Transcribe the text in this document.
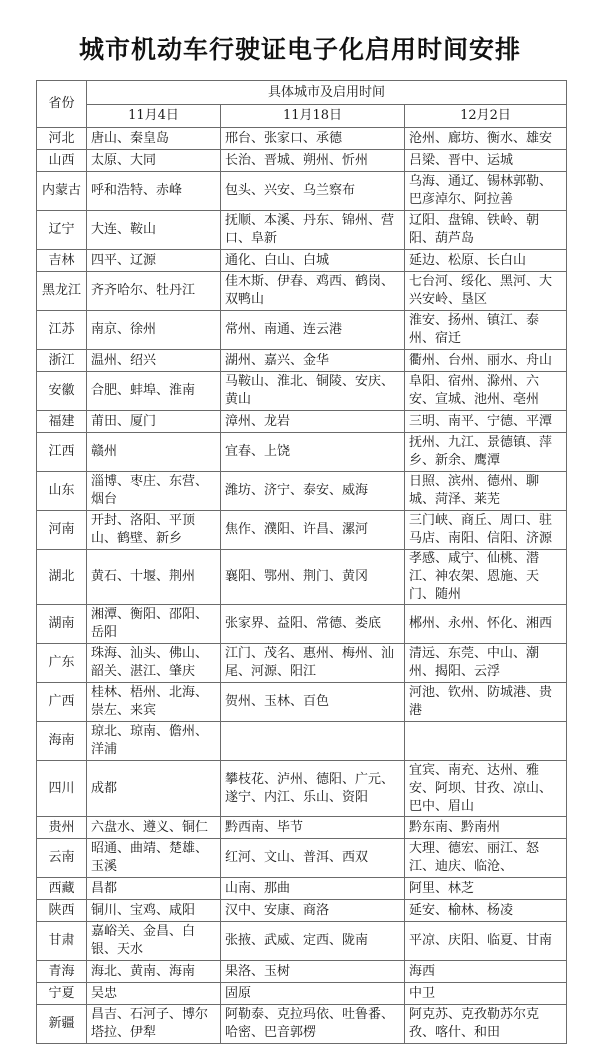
城市机动车行驶证电子化启用时间安排
省份	具体城市及启用时间		
	11月4日	11月18日	12月2日
河北	唐山、秦皇岛	邢台、张家口、承德	沧州、廊坊、衡水、雄安
山西	太原、大同	长治、晋城、朔州、忻州	吕梁、晋中、运城
内蒙古	呼和浩特、赤峰	包头、兴安、乌兰察布	乌海、通辽、锡林郭勒、巴彦淖尔、阿拉善
辽宁	大连、鞍山	抚顺、本溪、丹东、锦州、营口、阜新	辽阳、盘锦、铁岭、朝阳、葫芦岛
吉林	四平、辽源	通化、白山、白城	延边、松原、长白山
黑龙江	齐齐哈尔、牡丹江	佳木斯、伊春、鸡西、鹤岗、双鸭山	七台河、绥化、黑河、大兴安岭、垦区
江苏	南京、徐州	常州、南通、连云港	淮安、扬州、镇江、泰州、宿迁
浙江	温州、绍兴	湖州、嘉兴、金华	衢州、台州、丽水、舟山
安徽	合肥、蚌埠、淮南	马鞍山、淮北、铜陵、安庆、黄山	阜阳、宿州、滁州、六安、宣城、池州、亳州
福建	莆田、厦门	漳州、龙岩	三明、南平、宁德、平潭
江西	赣州	宜春、上饶	抚州、九江、景德镇、萍乡、新余、鹰潭
山东	淄博、枣庄、东营、烟台	潍坊、济宁、泰安、威海	日照、滨州、德州、聊城、菏泽、莱芜
河南	开封、洛阳、平顶山、鹤壁、新乡	焦作、濮阳、许昌、漯河	三门峡、商丘、周口、驻马店、南阳、信阳、济源
湖北	黄石、十堰、荆州	襄阳、鄂州、荆门、黄冈	孝感、咸宁、仙桃、潜江、神农架、恩施、天门、随州
湖南	湘潭、衡阳、邵阳、岳阳	张家界、益阳、常德、娄底	郴州、永州、怀化、湘西
广东	珠海、汕头、佛山、韶关、湛江、肇庆	江门、茂名、惠州、梅州、汕尾、河源、阳江	清远、东莞、中山、潮州、揭阳、云浮
广西	桂林、梧州、北海、崇左、来宾	贺州、玉林、百色	河池、钦州、防城港、贵港
海南	琼北、琼南、儋州、洋浦		
四川	成都	攀枝花、泸州、德阳、广元、遂宁、内江、乐山、资阳	宜宾、南充、达州、雅安、阿坝、甘孜、凉山、巴中、眉山
贵州	六盘水、遵义、铜仁	黔西南、毕节	黔东南、黔南州
云南	昭通、曲靖、楚雄、玉溪	红河、文山、普洱、西双	大理、德宏、丽江、怒江、迪庆、临沧、
西藏	昌都	山南、那曲	阿里、林芝
陕西	铜川、宝鸡、咸阳	汉中、安康、商洛	延安、榆林、杨凌
甘肃	嘉峪关、金昌、白银、天水	张掖、武威、定西、陇南	平凉、庆阳、临夏、甘南
青海	海北、黄南、海南	果洛、玉树	海西
宁夏	吴忠	固原	中卫
新疆	昌吉、石河子、博尔塔拉、伊犁	阿勒泰、克拉玛依、吐鲁番、哈密、巴音郭楞	阿克苏、克孜勒苏尔克孜、喀什、和田
